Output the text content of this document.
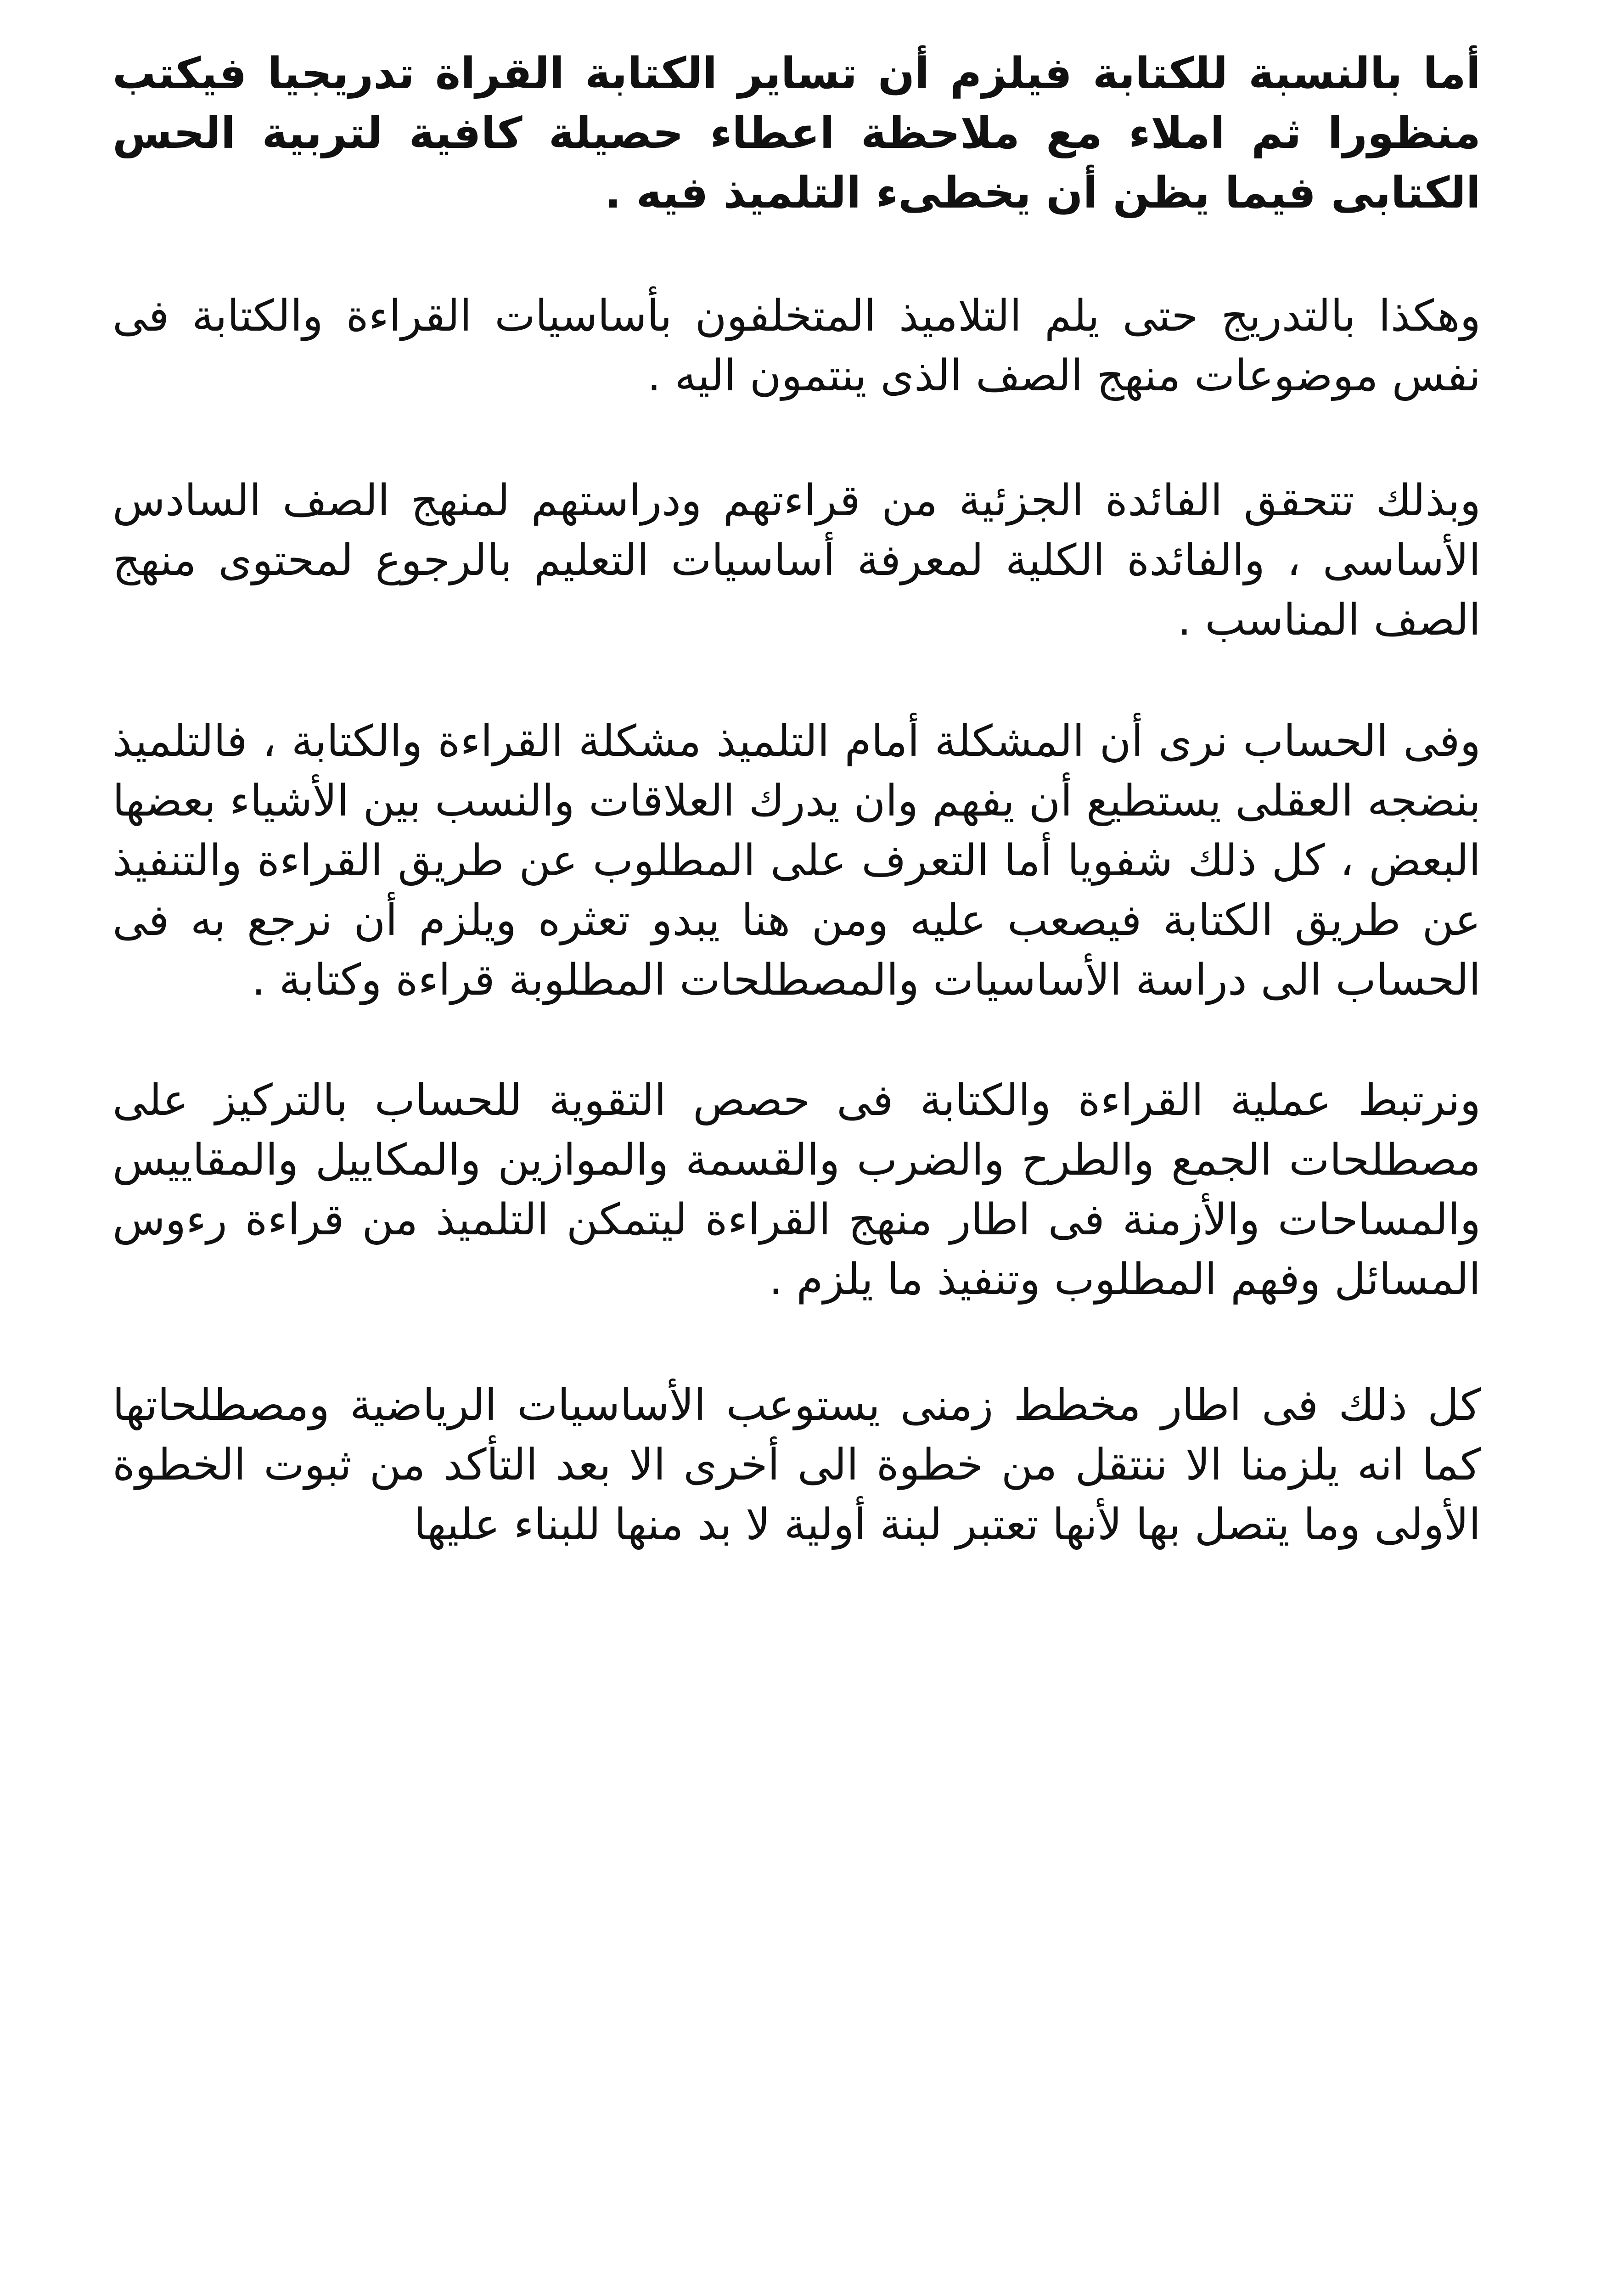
أما بالنسبة للكتابة فيلزم أن تساير الكتابة القراة تدريجيا فيكتب منظورا ثم املاء مع ملاحظة اعطاء حصيلة كافية لتربية الحس الكتابى فيما يظن أن يخطىء التلميذ فيه .

وهكذا بالتدريج حتى يلم التلاميذ المتخلفون بأساسيات القراءة والكتابة فى نفس موضوعات منهج الصف الذى ينتمون اليه .

وبذلك تتحقق الفائدة الجزئية من قراءتهم ودراستهم لمنهج الصف السادس الأساسى ، والفائدة الكلية لمعرفة أساسيات التعليم بالرجوع لمحتوى منهج الصف المناسب .

وفى الحساب نرى أن المشكلة أمام التلميذ مشكلة القراءة والكتابة ، فالتلميذ بنضجه العقلى يستطيع أن يفهم وان يدرك العلاقات والنسب بين الأشياء بعضها البعض ، كل ذلك شفويا أما التعرف على المطلوب عن طريق القراءة والتنفيذ عن طريق الكتابة فيصعب عليه ومن هنا يبدو تعثره ويلزم أن نرجع به فى الحساب الى دراسة الأساسيات والمصطلحات المطلوبة قراءة وكتابة .

ونرتبط عملية القراءة والكتابة فى حصص التقوية للحساب بالتركيز على مصطلحات الجمع والطرح والضرب والقسمة والموازين والمكاييل والمقاييس والمساحات والأزمنة فى اطار منهج القراءة ليتمكن التلميذ من قراءة رءوس المسائل وفهم المطلوب وتنفيذ ما يلزم .

كل ذلك فى اطار مخطط زمنى يستوعب الأساسيات الرياضية ومصطلحاتها كما انه يلزمنا الا ننتقل من خطوة الى أخرى الا بعد التأكد من ثبوت الخطوة الأولى وما يتصل بها لأنها تعتبر لبنة أولية لا بد منها للبناء عليها
